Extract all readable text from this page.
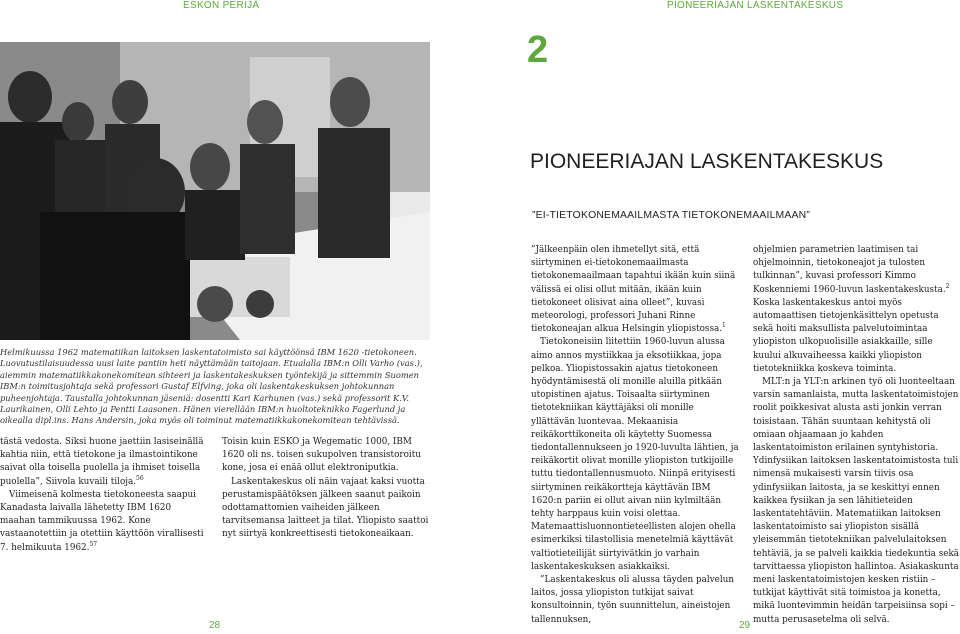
ESKON PERIJÄ	PIONEERIAJAN LASKENTAKESKUS
Helmikuussa 1962 matematiikan laitoksen laskentatoimisto sai käyttöönsä IBM 1620 -tietokoneen. Luovutustilaisuudessa uusi laite pantiin heti näyttämään taitojaan. Etualalla IBM:n Olli Varho (vas.), aiemmin matematiikkakonekomitean sihteeri ja laskentakeskuksen työntekijä ja sittemmin Suomen IBM:n toimitusjohtaja sekä professori Gustaf Elfving, joka oli laskentakeskuksen johtokunnan puheenjohtaja. Taustalla johtokunnan jäseniä: dosentti Kari Karhunen (vas.) sekä professorit K.V. Laurikainen, Olli Lehto ja Pentti Laasonen. Hänen vierellään IBM:n huoltoteknikko Fagerlund ja oikealla dipl.ins. Hans Andersin, joka myös oli toiminut matematiikkakonekomitean tehtävissä.

tästä vedosta. Siksi huone jaettiin lasiseinällä kahtia niin, että tietokone ja ilmastointikone saivat olla toisella puolella ja ihmiset toisella puolella”, Siivola kuvaili tiloja.$^{56}$

Viimeisenä kolmesta tietokoneesta saapui Kanadasta laivalla lähetetty IBM 1620 maahan tammikuussa 1962. Kone vastaanotettiin ja otettiin käyttöön virallisesti 7. helmikuuta 1962.57

Toisin kuin ESKO ja Wegematic 1000, IBM 1620 oli ns. toisen sukupolven transistoroitu kone, josa ei enää ollut elektroniputkia.

Laskentakeskus oli näin vajaat kaksi vuotta perustamispäätöksen jälkeen saanut paikoin odottamattomien vaiheiden jälkeen tarvitsemansa laitteet ja tilat. Yliopisto saattoi nyt siirtyä konkreettisesti tietokoneaikaan.

2
PIONEERIAJAN LASKENTAKESKUS
”EI-TIETOKONEMAAILMASTA TIETOKONEMAAILMAAN”

”Jälkeenpäin olen ihmetellyt sitä, että siirtyminen ei-tietokonemaailmasta tietokonemaailmaan tapahtui ikään kuin siinä välissä ei olisi ollut mitään, ikään kuin tietokoneet olisivat aina olleet”, kuvasi meteorologi, professori Juhani Rinne tietokoneajan alkua Helsingin yliopistossa.$^1$

Tietokoneisiin liitettiin 1960-luvun alussa aimo annos mystiikkaa ja eksotiikkaa, jopa pelkoa. Yliopistossakin ajatus tietokoneen hyödyntämisestä oli monille aluilla pitkään utopistinen ajatus. Toisaalta siirtyminen tietotekniikan käyttäjäksi oli monille yllättävän luontevaa. Mekaanisia reikäkorttikoneita oli käytetty Suomessa tiedontallennukseen jo 1920-luvulta lähtien, ja reikäkortit olivat monille yliopiston tutkijoille tuttu tiedontallennusmuoto. Niinpä erityisesti siirtyminen reikäkortteja käyttävän IBM 1620:n pariin ei ollut aivan niin kylmiltään tehty harppaus kuin voisi olettaa. Matemaattisluonnontieteellisten alojen ohella esimerkiksi tilastollisia menetelmiä käyttävät valtiotieteilijät siirtyivätkin jo varhain laskentakeskuksen asiakkaiksi.

”Laskentakeskus oli alussa täyden palvelun laitos, jossa yliopiston tutkijat saivat konsultoinnin, työn suunnittelun, aineistojen tallennuksen,

ohjelmien parametrien laatimisen tai ohjelmoinnin, tietokoneajot ja tulosten tulkinnan”, kuvasi professori Kimmo Koskenniemi 1960-luvun laskentakeskusta.$^2$ Koska laskentakeskus antoi myös automaattisen tietojenkäsittelyn opetusta sekä hoiti maksullista palvelutoimintaa yliopiston ulkopuolisille asiakkaille, sille kuului alkuvaiheessa kaikki yliopiston tietotekniikka koskeva toiminta.

MLT:n ja YLT:n arkinen työ oli luonteeltaan varsin samanlaista, mutta laskentatoimistojen roolit poikkesivat alusta asti jonkin verran toisistaan. Tähän suuntaan kehitystä oli omiaan ohjaamaan jo kahden laskentatoimiston erilainen syntyhistoria. Ydinfysiikan laitoksen laskentatoimistosta tuli nimensä mukaisesti varsin tiivis osa ydinfysiikan laitosta, ja se keskittyi ennen kaikkea fysiikan ja sen lähitieteiden laskentatehtäviin. Matematiikan laitoksen laskentatoimisto sai yliopiston sisällä yleisemmän tietotekniikan palvelulaitoksen tehtäviä, ja se palveli kaikkia tiedekuntia sekä tarvittaessa yliopiston hallintoa. Asiakaskunta meni laskentatoimistojen kesken ristiin – tutkijat käyttivät sitä toimistoa ja konetta, mikä luontevimmin heidän tarpeisiinsa sopi – mutta perusasetelma oli selvä.

28	29
